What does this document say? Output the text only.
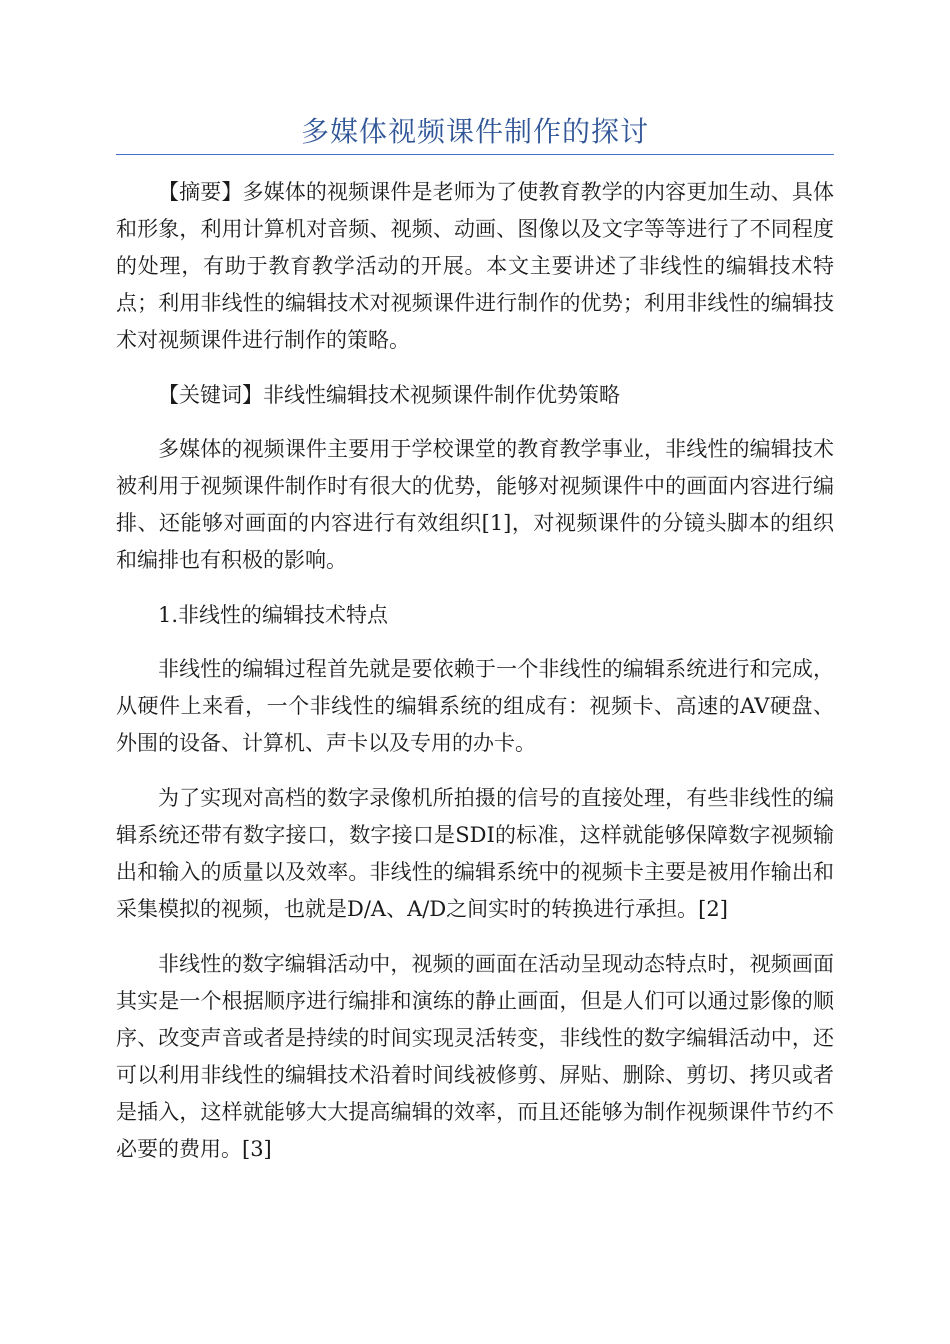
多媒体视频课件制作的探讨

【摘要】多媒体的视频课件是老师为了使教育教学的内容更加生动、具体和形象，利用计算机对音频、视频、动画、图像以及文字等等进行了不同程度的处理，有助于教育教学活动的开展。本文主要讲述了非线性的编辑技术特点；利用非线性的编辑技术对视频课件进行制作的优势；利用非线性的编辑技术对视频课件进行制作的策略。

【关键词】非线性编辑技术视频课件制作优势策略

多媒体的视频课件主要用于学校课堂的教育教学事业，非线性的编辑技术被利用于视频课件制作时有很大的优势，能够对视频课件中的画面内容进行编排、还能够对画面的内容进行有效组织[1]，对视频课件的分镜头脚本的组织和编排也有积极的影响。

1.非线性的编辑技术特点

非线性的编辑过程首先就是要依赖于一个非线性的编辑系统进行和完成，从硬件上来看，一个非线性的编辑系统的组成有：视频卡、高速的AV硬盘、外围的设备、计算机、声卡以及专用的办卡。

为了实现对高档的数字录像机所拍摄的信号的直接处理，有些非线性的编辑系统还带有数字接口，数字接口是SDI的标准，这样就能够保障数字视频输出和输入的质量以及效率。非线性的编辑系统中的视频卡主要是被用作输出和采集模拟的视频，也就是D/A、A/D之间实时的转换进行承担。[2]

非线性的数字编辑活动中，视频的画面在活动呈现动态特点时，视频画面其实是一个根据顺序进行编排和演练的静止画面，但是人们可以通过影像的顺序、改变声音或者是持续的时间实现灵活转变，非线性的数字编辑活动中，还可以利用非线性的编辑技术沿着时间线被修剪、屏贴、删除、剪切、拷贝或者是插入，这样就能够大大提高编辑的效率，而且还能够为制作视频课件节约不必要的费用。[3]
